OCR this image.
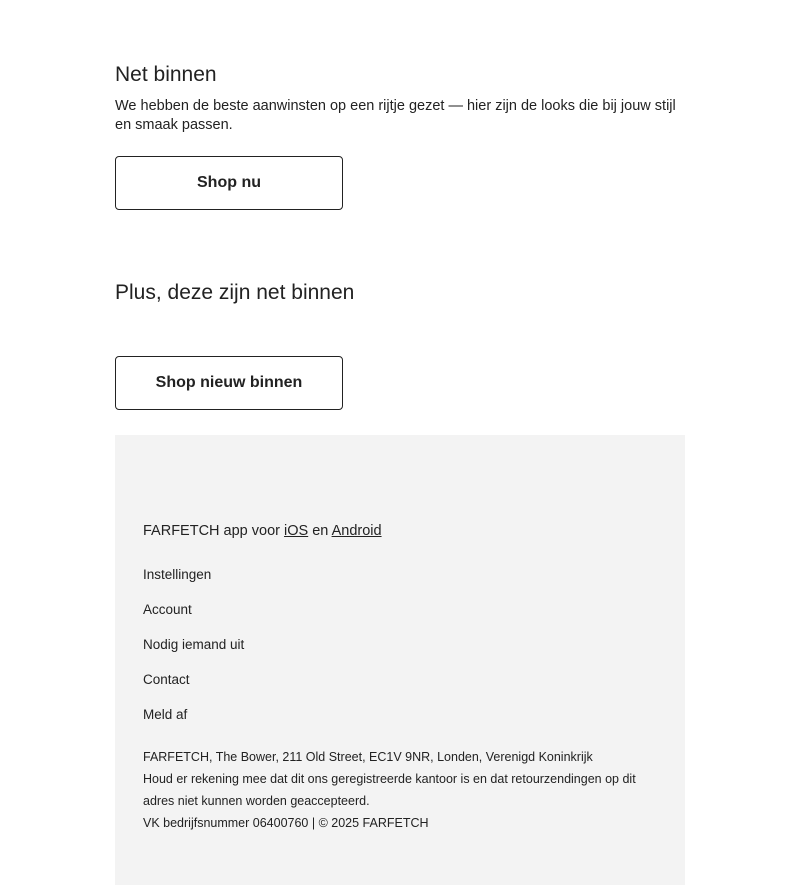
Net binnen

We hebben de beste aanwinsten op een rijtje gezet — hier zijn de looks die bij jouw stijl en smaak passen.

Shop nu
Plus, deze zijn net binnen
Shop nieuw binnen

FARFETCH app voor iOS en Android

Instellingen
Account
Nodig iemand uit
Contact
Meld af

FARFETCH, The Bower, 211 Old Street, EC1V 9NR, Londen, Verenigd Koninkrijk
Houd er rekening mee dat dit ons geregistreerde kantoor is en dat retourzendingen op dit adres niet kunnen worden geaccepteerd.
VK bedrijfsnummer 06400760 | © 2025 FARFETCH
